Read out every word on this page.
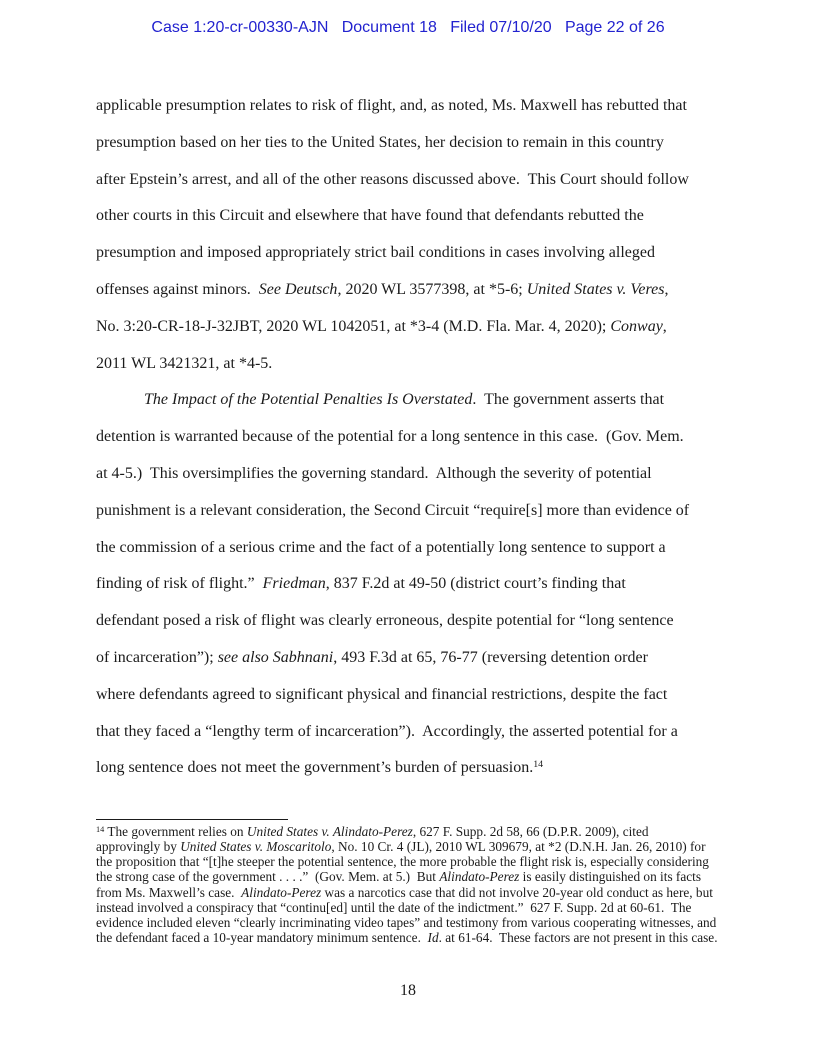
Case 1:20-cr-00330-AJN   Document 18   Filed 07/10/20   Page 22 of 26
applicable presumption relates to risk of flight, and, as noted, Ms. Maxwell has rebutted that
presumption based on her ties to the United States, her decision to remain in this country
after Epstein’s arrest, and all of the other reasons discussed above.  This Court should follow
other courts in this Circuit and elsewhere that have found that defendants rebutted the
presumption and imposed appropriately strict bail conditions in cases involving alleged
offenses against minors.  See Deutsch, 2020 WL 3577398, at *5-6; United States v. Veres,
No. 3:20-CR-18-J-32JBT, 2020 WL 1042051, at *3-4 (M.D. Fla. Mar. 4, 2020); Conway,
2011 WL 3421321, at *4-5.
The Impact of the Potential Penalties Is Overstated.  The government asserts that
detention is warranted because of the potential for a long sentence in this case.  (Gov. Mem.
at 4-5.)  This oversimplifies the governing standard.  Although the severity of potential
punishment is a relevant consideration, the Second Circuit “require[s] more than evidence of
the commission of a serious crime and the fact of a potentially long sentence to support a
finding of risk of flight.”  Friedman, 837 F.2d at 49-50 (district court’s finding that
defendant posed a risk of flight was clearly erroneous, despite potential for “long sentence
of incarceration”); see also Sabhnani, 493 F.3d at 65, 76-77 (reversing detention order
where defendants agreed to significant physical and financial restrictions, despite the fact
that they faced a “lengthy term of incarceration”).  Accordingly, the asserted potential for a
long sentence does not meet the government’s burden of persuasion.$^{14}$
$^{14}$ The government relies on United States v. Alindato-Perez, 627 F. Supp. 2d 58, 66 (D.P.R. 2009), cited
approvingly by United States v. Moscaritolo, No. 10 Cr. 4 (JL), 2010 WL 309679, at *2 (D.N.H. Jan. 26, 2010) for
the proposition that “[t]he steeper the potential sentence, the more probable the flight risk is, especially considering
the strong case of the government . . . .”  (Gov. Mem. at 5.)  But Alindato-Perez is easily distinguished on its facts
from Ms. Maxwell’s case.  Alindato-Perez was a narcotics case that did not involve 20-year old conduct as here, but
instead involved a conspiracy that “continu[ed] until the date of the indictment.”  627 F. Supp. 2d at 60-61.  The
evidence included eleven “clearly incriminating video tapes” and testimony from various cooperating witnesses, and
the defendant faced a 10-year mandatory minimum sentence.  Id. at 61-64.  These factors are not present in this case.
18
